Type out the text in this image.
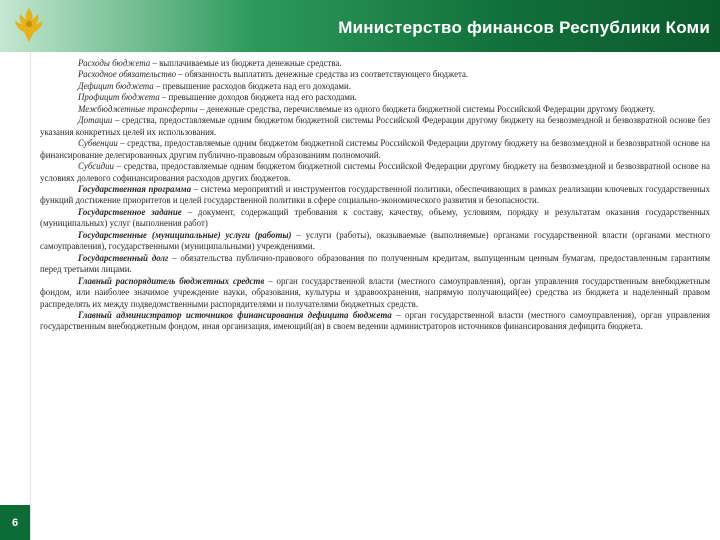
Министерство финансов Республики Коми
6

Расходы бюджета – выплачиваемые из бюджета денежные средства.

Расходное обязательство – обязанность выплатить денежные средства из соответствующего бюджета.

Дефицит бюджета – превышение расходов бюджета над его доходами.

Профицит бюджета – превышение доходов бюджета над его расходами.

Межбюджетные трансферты – денежные средства, перечисляемые из одного бюджета бюджетной системы Российской Федерации другому бюджету.

Дотации – средства, предоставляемые одним бюджетом бюджетной системы Российской Федерации другому бюджету на безвозмездной и безвозвратной основе без указания конкретных целей их использования.

Субвенции – средства, предоставляемые одним бюджетом бюджетной системы Российской Федерации другому бюджету на безвозмездной и безвозвратной основе на финансирование делегированных другим публично-правовым образованиям полномочий.

Субсидии – средства, предоставляемые одним бюджетом бюджетной системы Российской Федерации другому бюджету на безвозмездной и безвозвратной основе на условиях долевого софинансирования расходов других бюджетов.

Государственная программа – система мероприятий и инструментов государственной политики, обеспечивающих в рамках реализации ключевых государственных функций достижение приоритетов и целей государственной политики в сфере социально-экономического развития и безопасности.

Государственное задание – документ, содержащий требования к составу, качеству, объему, условиям, порядку и результатам оказания государственных (муниципальных) услуг (выполнения работ)

Государственные (муниципальные) услуги (работы) – услуги (работы), оказываемые (выполняемые) органами государственной власти (органами местного самоуправления), государственными (муниципальными) учреждениями.

Государственный долг – обязательства публично-правового образования по полученным кредитам, выпущенным ценным бумагам, предоставленным гарантиям перед третьими лицами.

Главный распорядитель бюджетных средств – орган государственной власти (местного самоуправления), орган управления государственным внебюджетным фондом, или наиболее значимое учреждение науки, образования, культуры и здравоохранения, напрямую получающий(ее) средства из бюджета и наделенный правом распределять их между подведомственными распорядителями и получателями бюджетных средств.

Главный администратор источников финансирования дефицита бюджета – орган государственной власти (местного самоуправления), орган управления государственным внебюджетным фондом, иная организация, имеющий(ая) в своем ведении администраторов источников финансирования дефицита бюджета.
